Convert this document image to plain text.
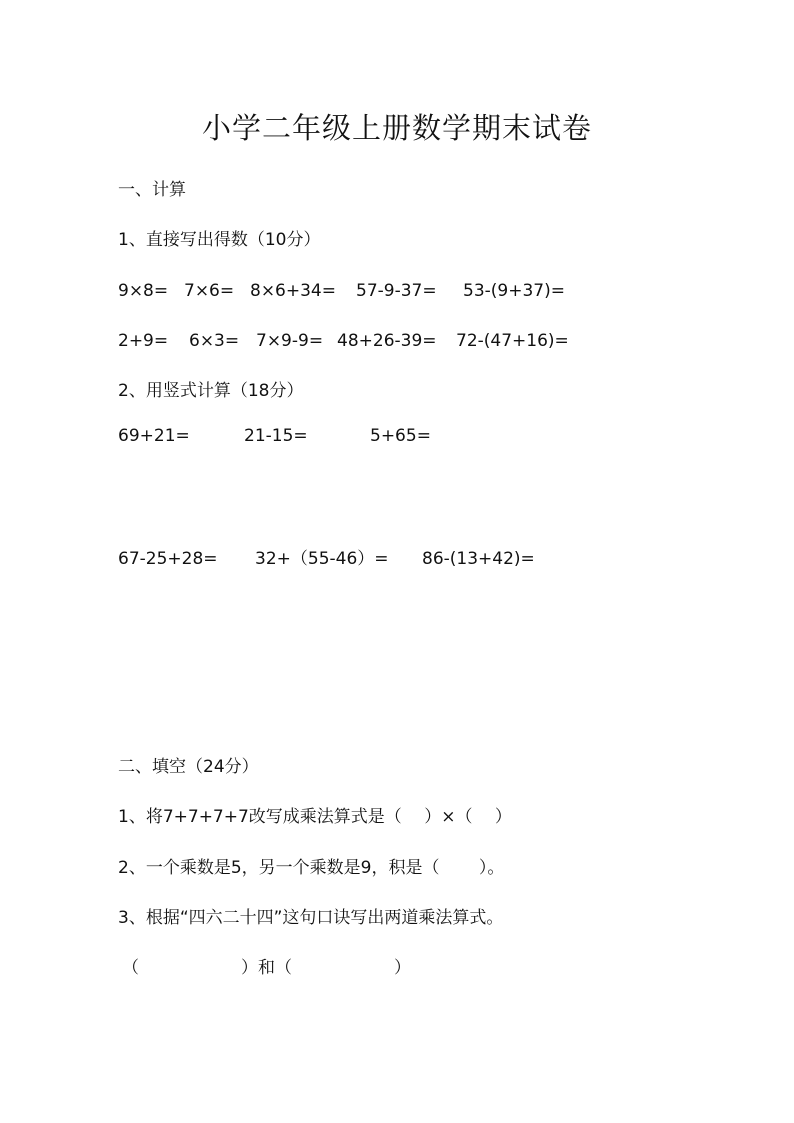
小学二年级上册数学期末试卷
一、计算
1、直接写出得数（10分）
9×8= 7×6= 8×6+34= 57-9-37= 53-(9+37)=
2+9= 6×3= 7×9-9= 48+26-39= 72-(47+16)=
2、用竖式计算（18分）
69+21=	21-15=	5+65=
67-25+28= 32+（55-46）= 86-(13+42)=
二、填空（24分）
1、将7+7+7+7改写成乘法算式是（　 ）×（　 ）
2、一个乘数是5，另一个乘数是9，积是（　　 ）。
3、根据“四六二十四”这句口诀写出两道乘法算式。
（　　　　　　）和（　　　　　　）
